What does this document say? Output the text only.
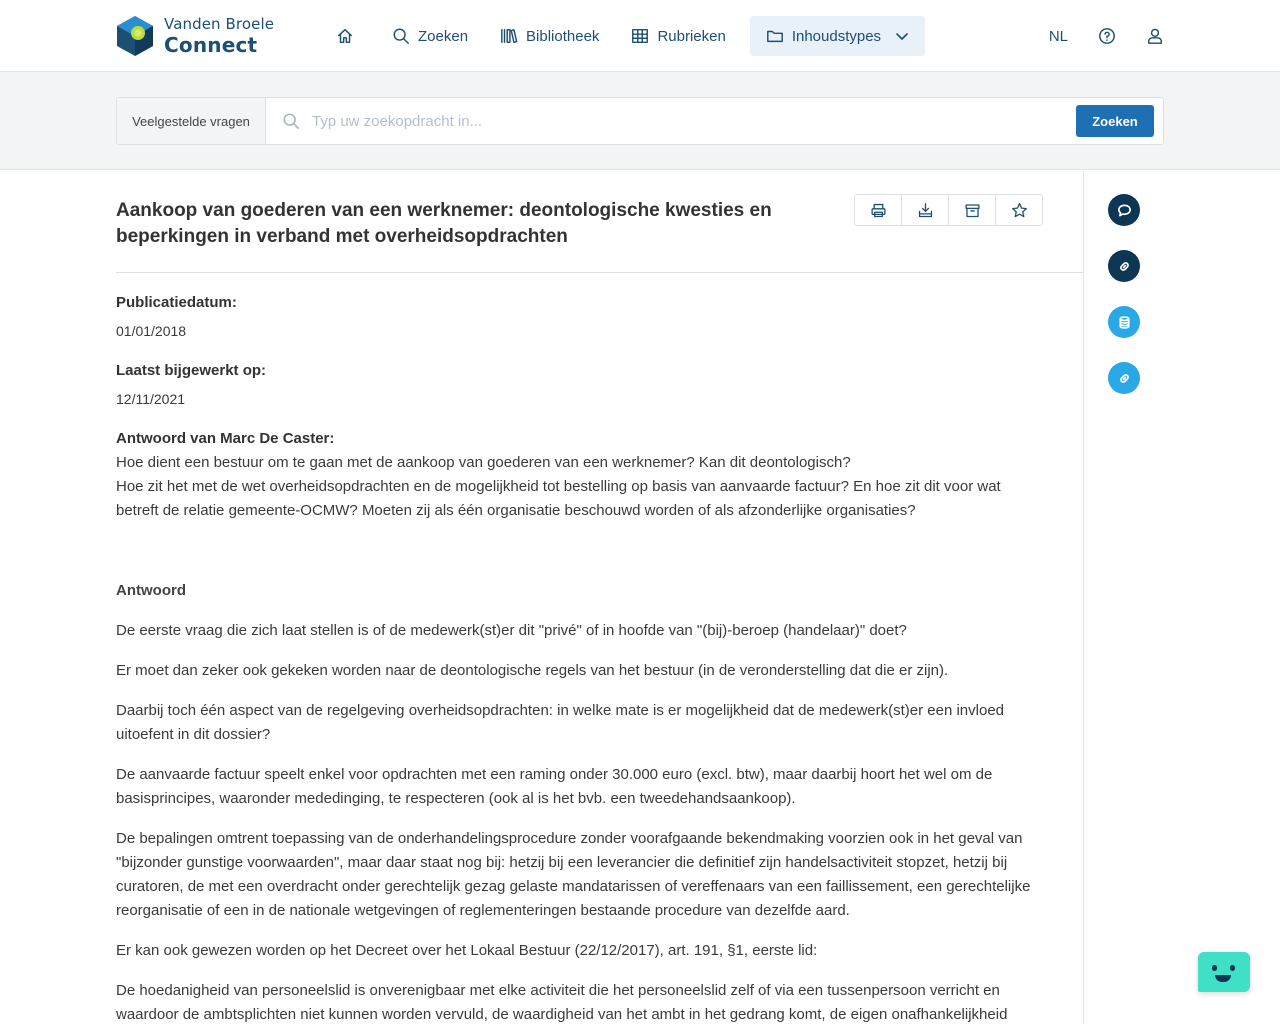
Vanden Broele
Connect	Zoeken	Bibliotheek	Rubrieken	Inhoudstypes	NL
Veelgestelde vragen
Typ uw zoekopdracht in...	Zoeken
Aankoop van goederen van een werknemer: deontologische kwesties en beperkingen in verband met overheidsopdrachten
Publicatiedatum:
01/01/2018
Laatst bijgewerkt op:
12/11/2021
Antwoord van Marc De Caster:
Hoe dient een bestuur om te gaan met de aankoop van goederen van een werknemer? Kan dit deontologisch?
Hoe zit het met de wet overheidsopdrachten en de mogelijkheid tot bestelling op basis van aanvaarde factuur? En hoe zit dit voor wat betreft de relatie gemeente-OCMW? Moeten zij als één organisatie beschouwd worden of als afzonderlijke organisaties?
Antwoord

De eerste vraag die zich laat stellen is of de medewerk(st)er dit "privé" of in hoofde van "(bij)-beroep (handelaar)" doet?

Er moet dan zeker ook gekeken worden naar de deontologische regels van het bestuur (in de veronderstelling dat die er zijn).

Daarbij toch één aspect van de regelgeving overheidsopdrachten: in welke mate is er mogelijkheid dat de medewerk(st)er een invloed uitoefent in dit dossier?

De aanvaarde factuur speelt enkel voor opdrachten met een raming onder 30.000 euro (excl. btw), maar daarbij hoort het wel om de basisprincipes, waaronder mededinging, te respecteren (ook al is het bvb. een tweedehandsaankoop).

De bepalingen omtrent toepassing van de onderhandelingsprocedure zonder voorafgaande bekendmaking voorzien ook in het geval van "bijzonder gunstige voorwaarden", maar daar staat nog bij: hetzij bij een leverancier die definitief zijn handelsactiviteit stopzet, hetzij bij curatoren, de met een overdracht onder gerechtelijk gezag gelaste mandatarissen of vereffenaars van een faillissement, een gerechtelijke reorganisatie of een in de nationale wetgevingen of reglementeringen bestaande procedure van dezelfde aard.

Er kan ook gewezen worden op het Decreet over het Lokaal Bestuur (22/12/2017), art. 191, §1, eerste lid:

De hoedanigheid van personeelslid is onverenigbaar met elke activiteit die het personeelslid zelf of via een tussenpersoon verricht en waardoor de ambtsplichten niet kunnen worden vervuld, de waardigheid van het ambt in het gedrang komt, de eigen onafhankelijkheid
